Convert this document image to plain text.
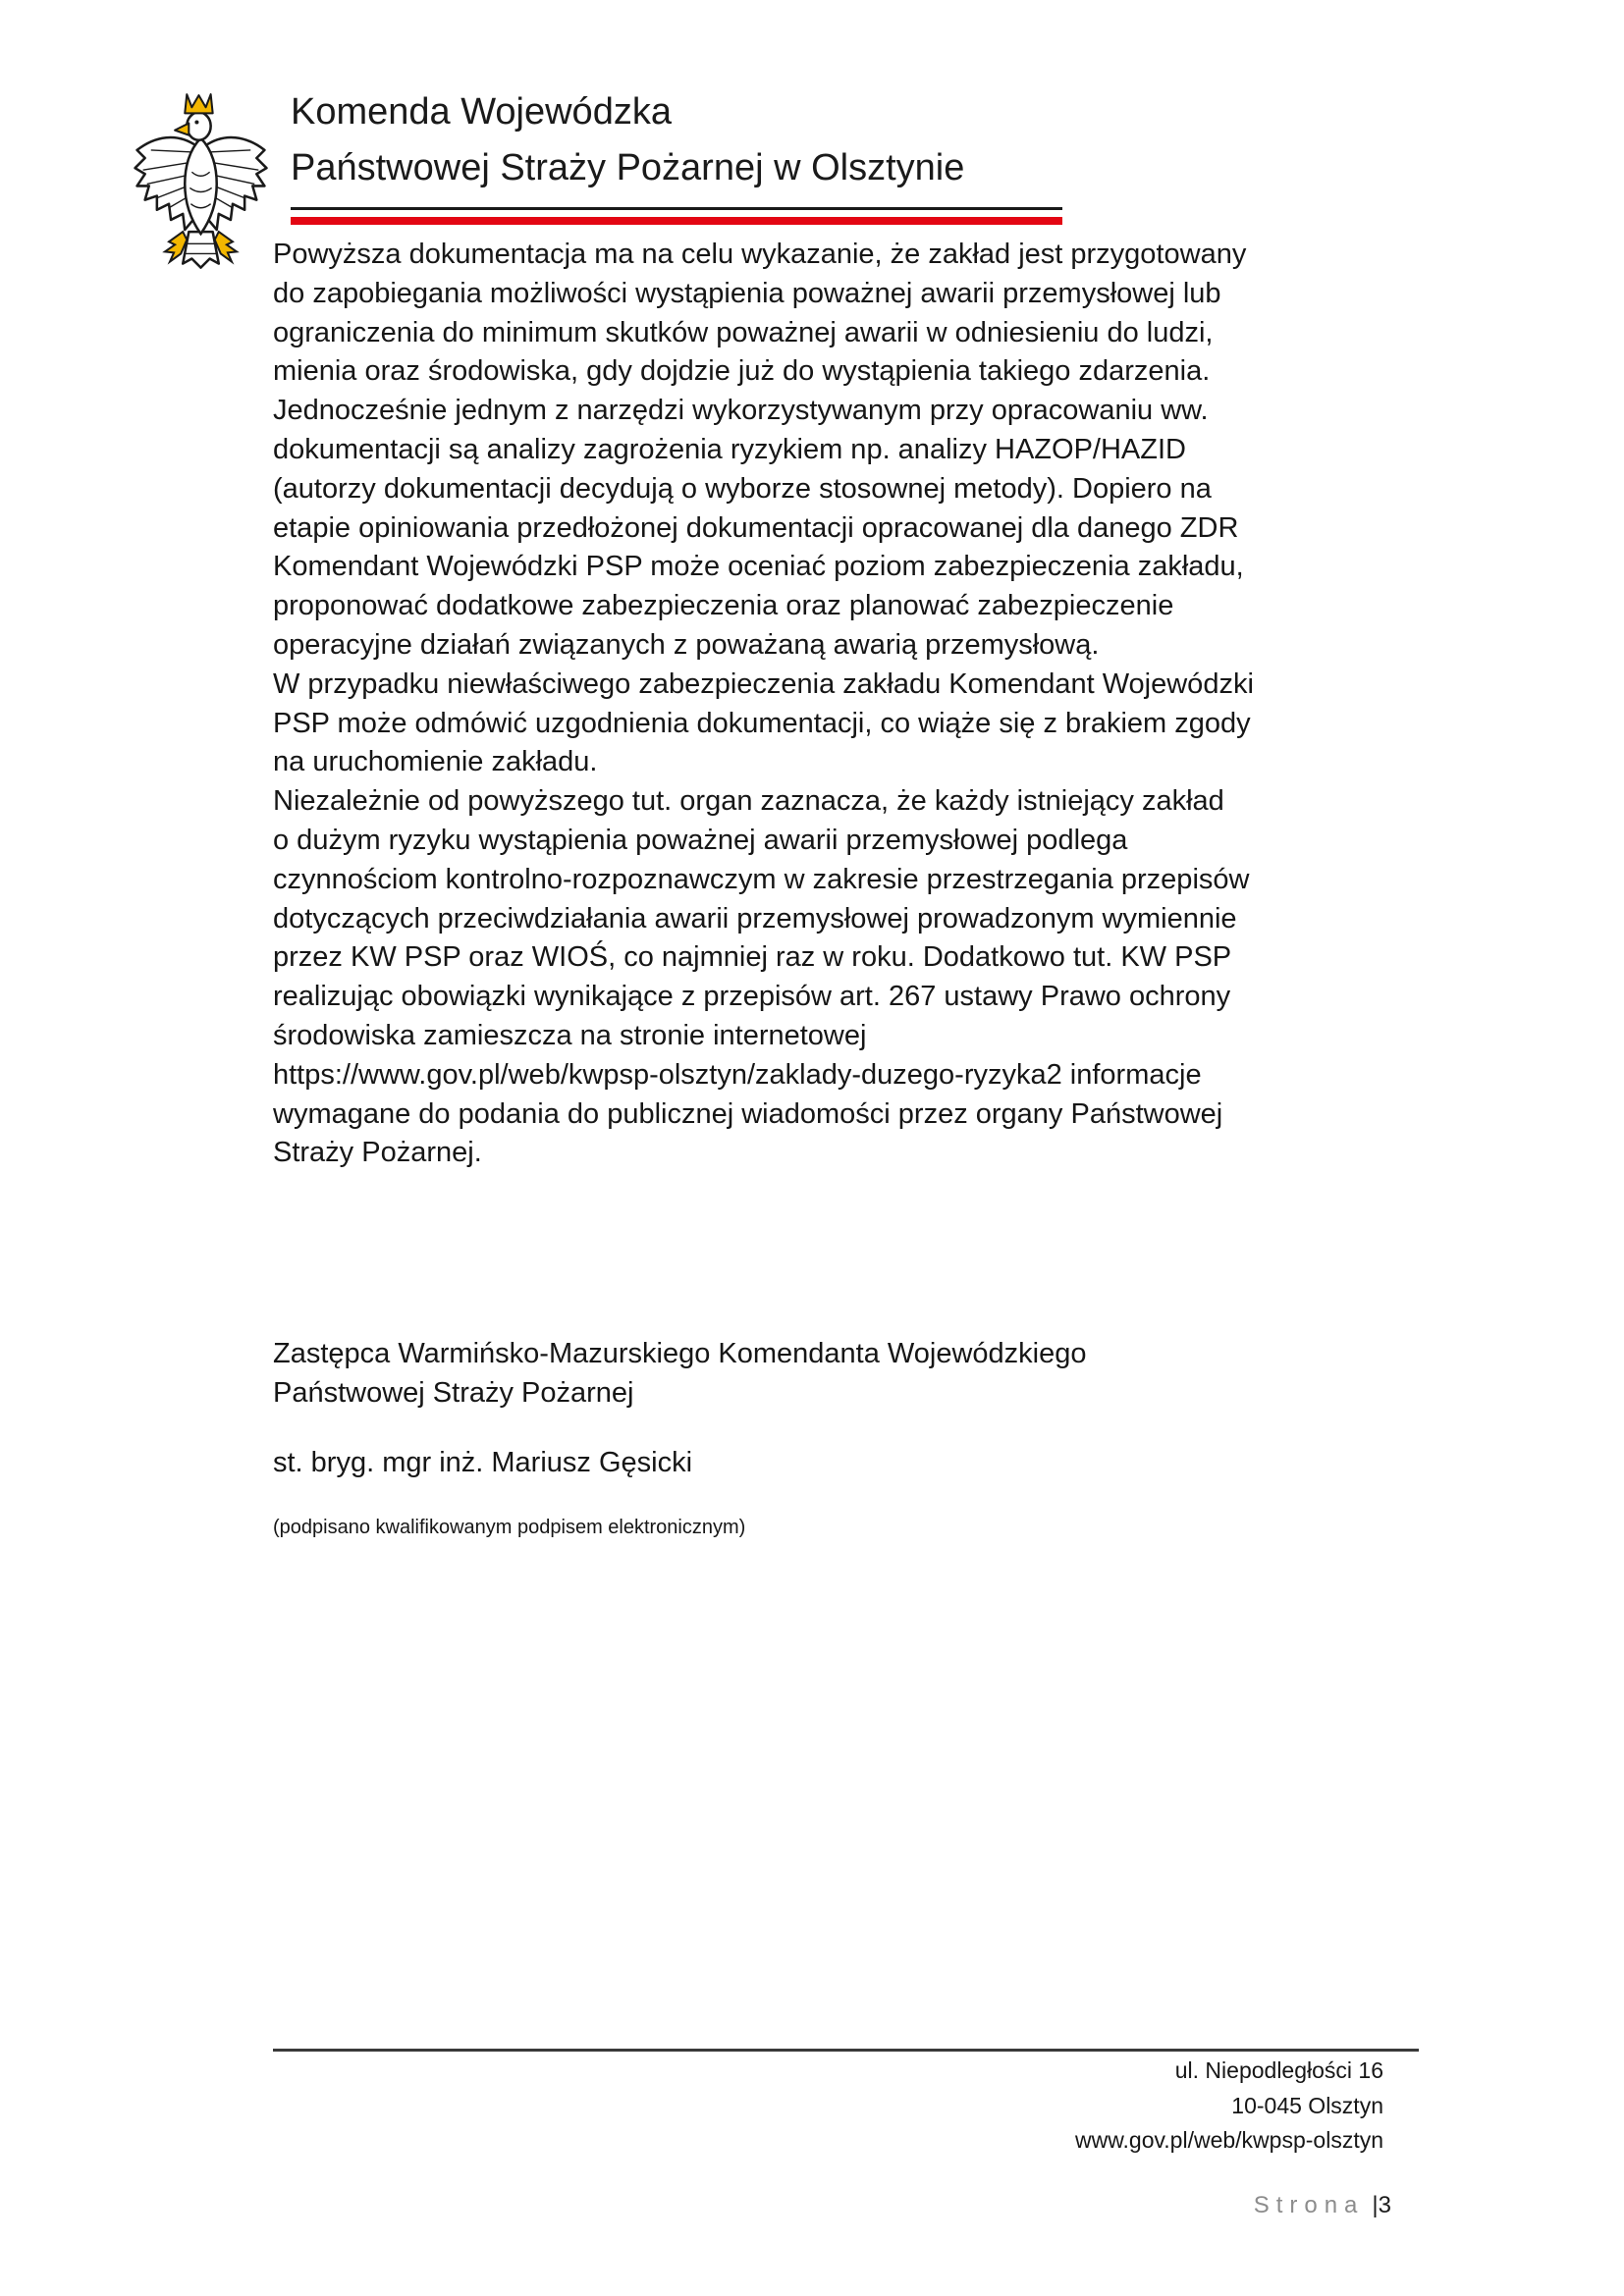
Komenda Wojewódzka
Państwowej Straży Pożarnej w Olsztynie
Powyższa dokumentacja ma na celu wykazanie, że zakład jest przygotowany
do zapobiegania możliwości wystąpienia poważnej awarii przemysłowej lub
ograniczenia do minimum skutków poważnej awarii w odniesieniu do ludzi,
mienia oraz środowiska, gdy dojdzie już do wystąpienia takiego zdarzenia.
Jednocześnie jednym z narzędzi wykorzystywanym przy opracowaniu ww.
dokumentacji są analizy zagrożenia ryzykiem np. analizy HAZOP/HAZID
(autorzy dokumentacji decydują o wyborze stosownej metody). Dopiero na
etapie opiniowania przedłożonej dokumentacji opracowanej dla danego ZDR
Komendant Wojewódzki PSP może oceniać poziom zabezpieczenia zakładu,
proponować dodatkowe zabezpieczenia oraz planować zabezpieczenie
operacyjne działań związanych z poważaną awarią przemysłową.
W przypadku niewłaściwego zabezpieczenia zakładu Komendant Wojewódzki
PSP może odmówić uzgodnienia dokumentacji, co wiąże się z brakiem zgody
na uruchomienie zakładu.
Niezależnie od powyższego tut. organ zaznacza, że każdy istniejący zakład
o dużym ryzyku wystąpienia poważnej awarii przemysłowej podlega
czynnościom kontrolno-rozpoznawczym w zakresie przestrzegania przepisów
dotyczących przeciwdziałania awarii przemysłowej prowadzonym wymiennie
przez KW PSP oraz WIOŚ, co najmniej raz w roku. Dodatkowo tut. KW PSP
realizując obowiązki wynikające z przepisów art. 267 ustawy Prawo ochrony
środowiska zamieszcza na stronie internetowej
https://www.gov.pl/web/kwpsp-olsztyn/zaklady-duzego-ryzyka2 informacje
wymagane do podania do publicznej wiadomości przez organy Państwowej
Straży Pożarnej.
Zastępca Warmińsko-Mazurskiego Komendanta Wojewódzkiego
Państwowej Straży Pożarnej
st. bryg. mgr inż. Mariusz Gęsicki
(podpisano kwalifikowanym podpisem elektronicznym)
ul. Niepodległości 16
10-045 Olsztyn
www.gov.pl/web/kwpsp-olsztyn
Strona |3
